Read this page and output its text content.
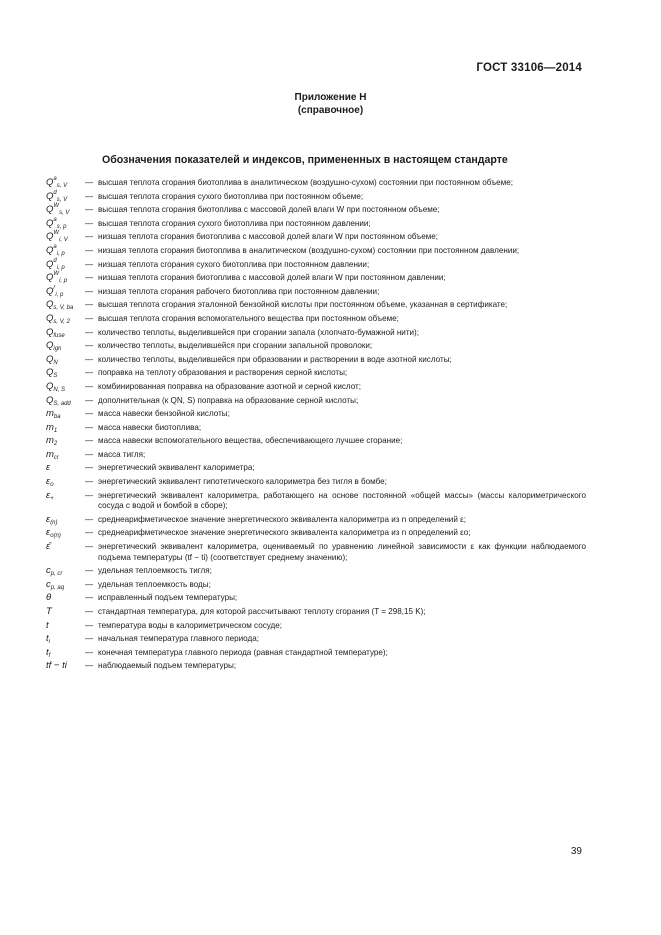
ГОСТ 33106—2014
Приложение Н
(справочное)
Обозначения показателей и индексов, примененных в настоящем стандарте
$Q^a_{s, V}$	— высшая теплота сгорания биотоплива в аналитическом (воздушно-сухом) состоянии при постоянном объеме;
$Q^d_{s, V}$	— высшая теплота сгорания сухого биотоплива при постоянном объеме;
$Q^W_{s, V}$	— высшая теплота сгорания биотоплива с массовой долей влаги W при постоянном объеме;
$Q^a_{s, p}$	— высшая теплота сгорания сухого биотоплива при постоянном давлении;
$Q^W_{i, V}$	— низшая теплота сгорания биотоплива с массовой долей влаги W при постоянном объеме;
$Q^a_{i, p}$	— низшая теплота сгорания биотоплива в аналитическом (воздушно-сухом) состоянии при постоянном давлении;
$Q^d_{i, p}$	— низшая теплота сгорания сухого биотоплива при постоянном давлении;
$Q^W_{i, p}$	— низшая теплота сгорания биотоплива с массовой долей влаги W при постоянном давлении;
$Q^r_{i, p}$	— низшая теплота сгорания рабочего биотоплива при постоянном давлении;
$Q_{s, V, ba}$	— высшая теплота сгорания эталонной бензойной кислоты при постоянном объеме, указанная в сертификате;
$Q_{s, V, 2}$	— высшая теплота сгорания вспомогательного вещества при постоянном объеме;
$Q_{fuse}$	— количество теплоты, выделившейся при сгорании запала (хлопчато-бумажной нити);
$Q_{ign}$	— количество теплоты, выделившейся при сгорании запальной проволоки;
$Q_N$	— количество теплоты, выделившейся при образовании и растворении в воде азотной кислоты;
$Q_S$	— поправка на теплоту образования и растворения серной кислоты;
$Q_{N, S}$	— комбинированная поправка на образование азотной и серной кислот;
$Q_{S, add}$	— дополнительная (к QN, S) поправка на образование серной кислоты;
$m_{ba}$	— масса навески бензойной кислоты;
$m_1$	— масса навески биотоплива;
$m_2$	— масса навески вспомогательного вещества, обеспечивающего лучшее сгорание;
$m_{cr}$	— масса тигля;
ε	— энергетический эквивалент калориметра;
$\varepsilon_o$	— энергетический эквивалент гипотетического калориметра без тигля в бомбе;
$\varepsilon_+$	— энергетический эквивалент калориметра, работающего на основе постоянной «общей массы» (массы калориметрического сосуда с водой и бомбой в сборе);
$\varepsilon_{(n)}$	— среднеарифметическое значение энергетического эквивалента калориметра из n определений ε;
$\varepsilon_{o(n)}$	— среднеарифметическое значение энергетического эквивалента калориметра из n определений εo;
ε̂	— энергетический эквивалент калориметра, оцениваемый по уравнению линейной зависимости ε как функции наблюдаемого подъема температуры (tf − ti) (соответствует среднему значению);
$c_{p, cr}$	— удельная теплоемкость тигля;
$c_{p, aq}$	— удельная теплоемкость воды;
θ	— исправленный подъем температуры;
T	— стандартная температура, для которой рассчитывают теплоту сгорания (T = 298,15 K);
t	— температура воды в калориметрическом сосуде;
$t_i$	— начальная температура главного периода;
$t_f$	— конечная температура главного периода (равная стандартной температуре);
tf − ti	— наблюдаемый подъем температуры;
39
